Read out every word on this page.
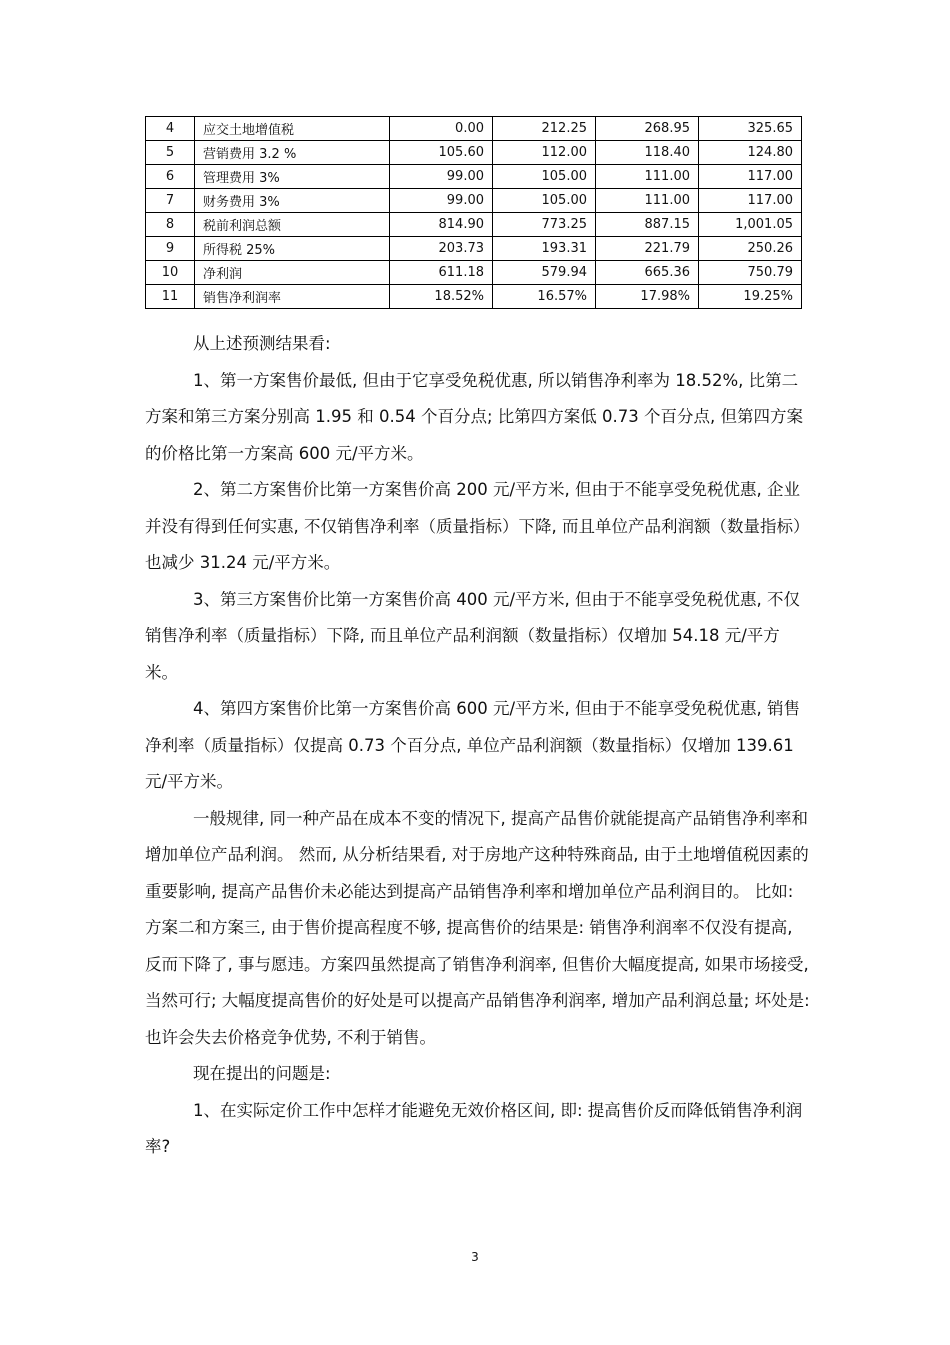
4	应交土地增值税	0.00	212.25	268.95	325.65
5	营销费用 3.2 %	105.60	112.00	118.40	124.80
6	管理费用 3%	99.00	105.00	111.00	117.00
7	财务费用 3%	99.00	105.00	111.00	117.00
8	税前利润总额	814.90	773.25	887.15	1,001.05
9	所得税 25%	203.73	193.31	221.79	250.26
10	净利润	611.18	579.94	665.36	750.79
11	销售净利润率	18.52%	16.57%	17.98%	19.25%

从上述预测结果看:

1、第一方案售价最低, 但由于它享受免税优惠, 所以销售净利率为 18.52%, 比第二方案和第三方案分别高 1.95 和 0.54 个百分点; 比第四方案低 0.73 个百分点, 但第四方案的价格比第一方案高 600 元/平方米。

2、第二方案售价比第一方案售价高 200 元/平方米, 但由于不能享受免税优惠, 企业并没有得到任何实惠, 不仅销售净利率（质量指标）下降, 而且单位产品利润额（数量指标）也减少 31.24 元/平方米。

3、第三方案售价比第一方案售价高 400 元/平方米, 但由于不能享受免税优惠, 不仅销售净利率（质量指标）下降, 而且单位产品利润额（数量指标）仅增加 54.18 元/平方米。

4、第四方案售价比第一方案售价高 600 元/平方米, 但由于不能享受免税优惠, 销售净利率（质量指标）仅提高 0.73 个百分点, 单位产品利润额（数量指标）仅增加 139.61 元/平方米。

一般规律, 同一种产品在成本不变的情况下, 提高产品售价就能提高产品销售净利率和增加单位产品利润。 然而, 从分析结果看, 对于房地产这种特殊商品, 由于土地增值税因素的重要影响, 提高产品售价未必能达到提高产品销售净利率和增加单位产品利润目的。 比如: 方案二和方案三, 由于售价提高程度不够, 提高售价的结果是: 销售净利润率不仅没有提高, 反而下降了, 事与愿违。方案四虽然提高了销售净利润率, 但售价大幅度提高, 如果市场接受, 当然可行; 大幅度提高售价的好处是可以提高产品销售净利润率, 增加产品利润总量; 坏处是: 也许会失去价格竞争优势, 不利于销售。

现在提出的问题是:

1、在实际定价工作中怎样才能避免无效价格区间, 即: 提高售价反而降低销售净利润率?

3
